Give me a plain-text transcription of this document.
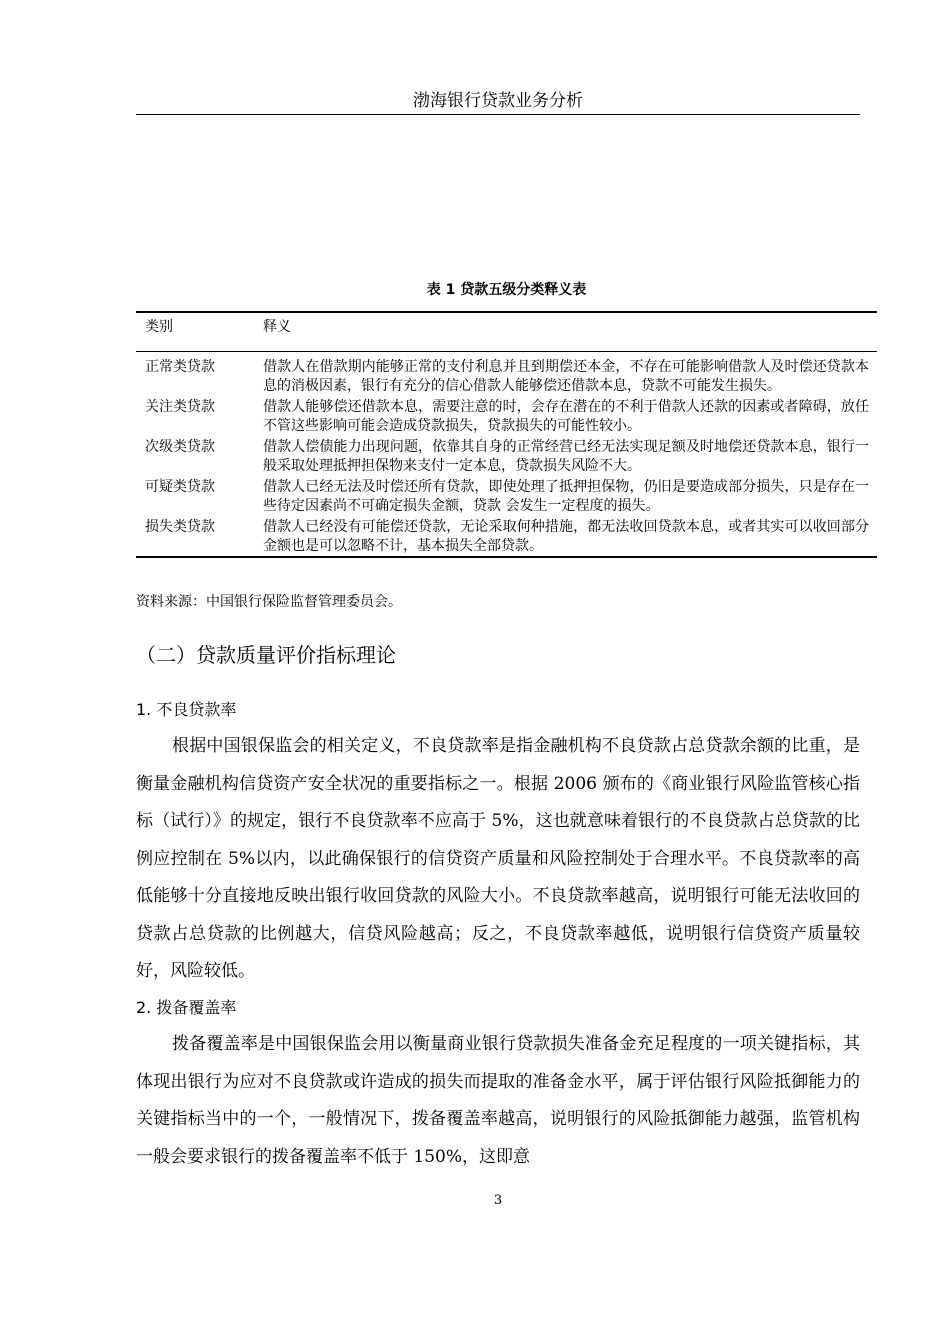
渤海银行贷款业务分析
表 1 贷款五级分类释义表
类别	释义
正常类贷款	借款人在借款期内能够正常的支付利息并且到期偿还本金，不存在可能影响借款人及时偿还贷款本息的消极因素，银行有充分的信心借款人能够偿还借款本息，贷款不可能发生损失。
关注类贷款	借款人能够偿还借款本息，需要注意的时，会存在潜在的不利于借款人还款的因素或者障碍，放任不管这些影响可能会造成贷款损失，贷款损失的可能性较小。
次级类贷款	借款人偿债能力出现问题，依靠其自身的正常经营已经无法实现足额及时地偿还贷款本息，银行一般采取处理抵押担保物来支付一定本息，贷款损失风险不大。
可疑类贷款	借款人已经无法及时偿还所有贷款，即使处理了抵押担保物，仍旧是要造成部分损失，只是存在一些待定因素尚不可确定损失金额，贷款 会发生一定程度的损失。
损失类贷款	借款人已经没有可能偿还贷款，无论采取何种措施，都无法收回贷款本息，或者其实可以收回部分金额也是可以忽略不计，基本损失全部贷款。
资料来源：中国银行保险监督管理委员会。
（二）贷款质量评价指标理论
1. 不良贷款率
根据中国银保监会的相关定义，不良贷款率是指金融机构不良贷款占总贷款余额的比重，是衡量金融机构信贷资产安全状况的重要指标之一。根据 2006 颁布的《商业银行风险监管核心指标（试行）》的规定，银行不良贷款率不应高于 5%，这也就意味着银行的不良贷款占总贷款的比例应控制在 5%以内，以此确保银行的信贷资产质量和风险控制处于合理水平。不良贷款率的高低能够十分直接地反映出银行收回贷款的风险大小。不良贷款率越高，说明银行可能无法收回的贷款占总贷款的比例越大，信贷风险越高；反之，不良贷款率越低，说明银行信贷资产质量较好，风险较低。
2. 拨备覆盖率
拨备覆盖率是中国银保监会用以衡量商业银行贷款损失准备金充足程度的一项关键指标，其体现出银行为应对不良贷款或许造成的损失而提取的准备金水平，属于评估银行风险抵御能力的关键指标当中的一个，一般情况下，拨备覆盖率越高，说明银行的风险抵御能力越强，监管机构一般会要求银行的拨备覆盖率不低于 150%，这即意
3
